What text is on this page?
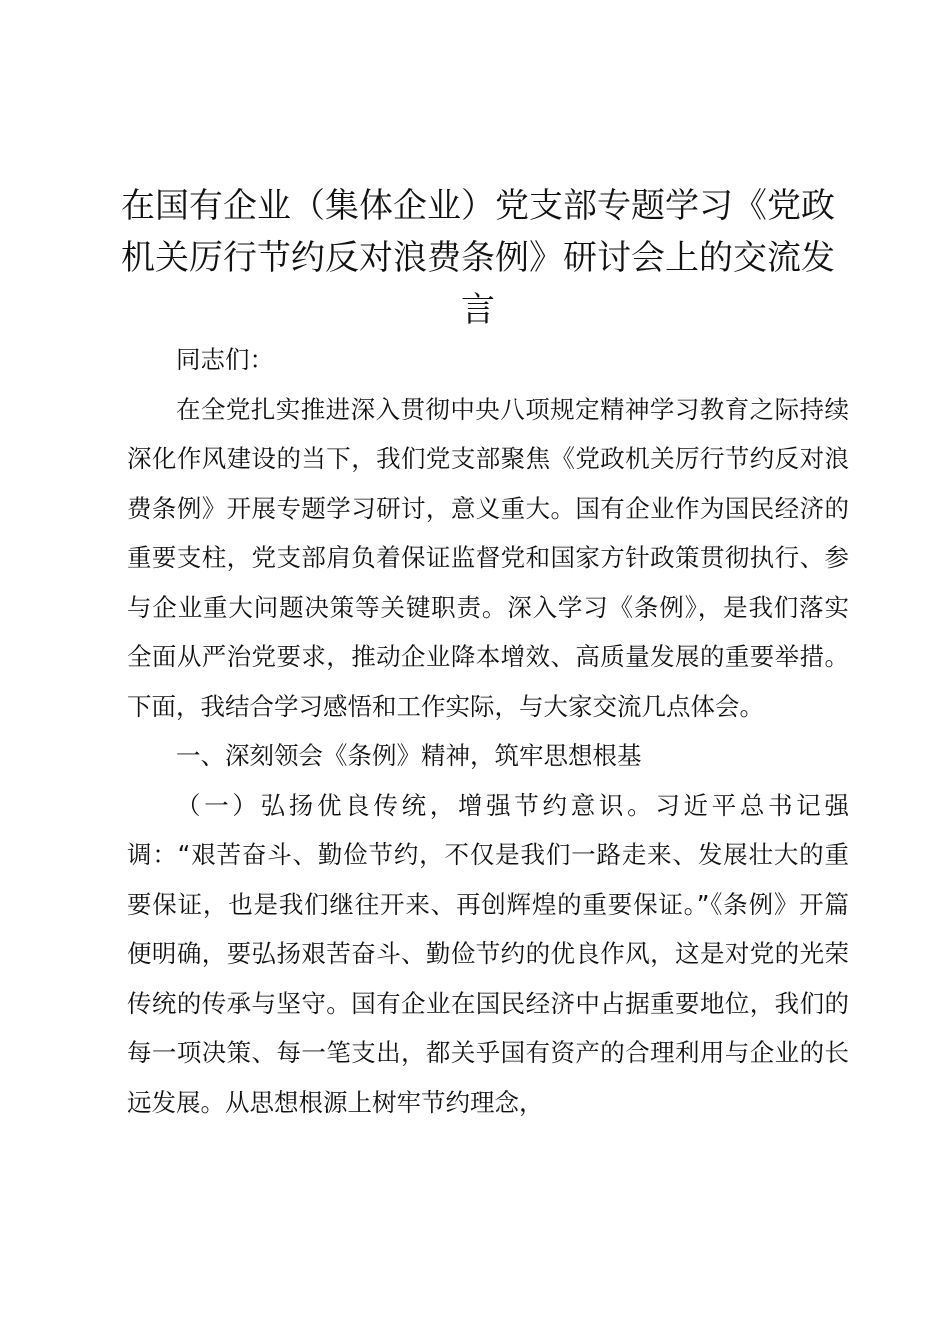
在国有企业（集体企业）党支部专题学习《党政机关厉行节约反对浪费条例》研讨会上的交流发言

同志们：

在全党扎实推进深入贯彻中央八项规定精神学习教育之际持续深化作风建设的当下，我们党支部聚焦《党政机关厉行节约反对浪费条例》开展专题学习研讨，意义重大。国有企业作为国民经济的重要支柱，党支部肩负着保证监督党和国家方针政策贯彻执行、参与企业重大问题决策等关键职责。深入学习《条例》，是我们落实全面从严治党要求，推动企业降本增效、高质量发展的重要举措。下面，我结合学习感悟和工作实际，与大家交流几点体会。

一、深刻领会《条例》精神，筑牢思想根基

（一）弘扬优良传统，增强节约意识。习近平总书记强调：“艰苦奋斗、勤俭节约，不仅是我们一路走来、发展壮大的重要保证，也是我们继往开来、再创辉煌的重要保证。”《条例》开篇便明确，要弘扬艰苦奋斗、勤俭节约的优良作风，这是对党的光荣传统的传承与坚守。国有企业在国民经济中占据重要地位，我们的每一项决策、每一笔支出，都关乎国有资产的合理利用与企业的长远发展。从思想根源上树牢节约理念，
